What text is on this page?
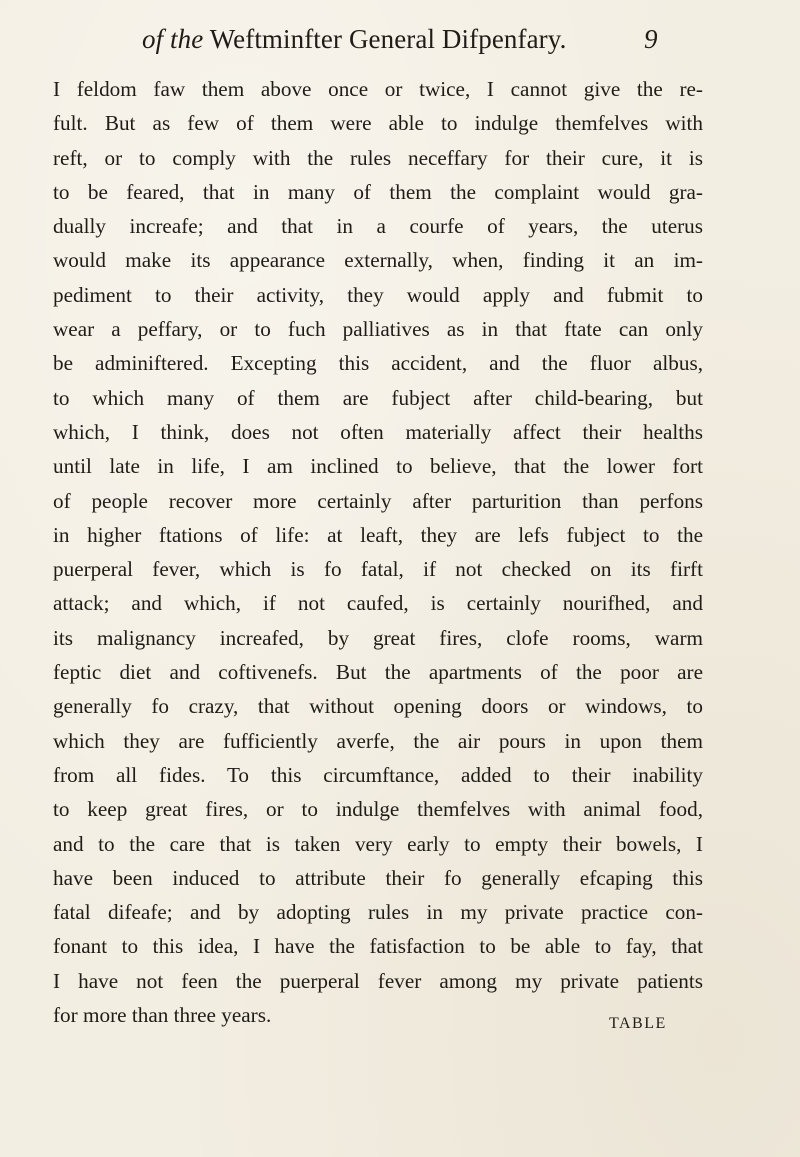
of the Weftminfter General Difpenfary.	9
I feldom faw them above once or twice, I cannot give the re-
fult. But as few of them were able to indulge themfelves with
reft, or to comply with the rules neceffary for their cure, it is
to be feared, that in many of them the complaint would gra-
dually increafe; and that in a courfe of years, the uterus
would make its appearance externally, when, finding it an im-
pediment to their activity, they would apply and fubmit to
wear a peffary, or to fuch palliatives as in that ftate can only
be adminiftered. Excepting this accident, and the fluor albus,
to which many of them are fubject after child-bearing, but
which, I think, does not often materially affect their healths
until late in life, I am inclined to believe, that the lower fort
of people recover more certainly after parturition than perfons
in higher ftations of life: at leaft, they are lefs fubject to the
puerperal fever, which is fo fatal, if not checked on its firft
attack; and which, if not caufed, is certainly nourifhed, and
its malignancy increafed, by great fires, clofe rooms, warm
feptic diet and coftivenefs. But the apartments of the poor are
generally fo crazy, that without opening doors or windows, to
which they are fufficiently averfe, the air pours in upon them
from all fides. To this circumftance, added to their inability
to keep great fires, or to indulge themfelves with animal food,
and to the care that is taken very early to empty their bowels, I
have been induced to attribute their fo generally efcaping this
fatal difeafe; and by adopting rules in my private practice con-
fonant to this idea, I have the fatisfaction to be able to fay, that
I have not feen the puerperal fever among my private patients
for more than three years.	TABLE
